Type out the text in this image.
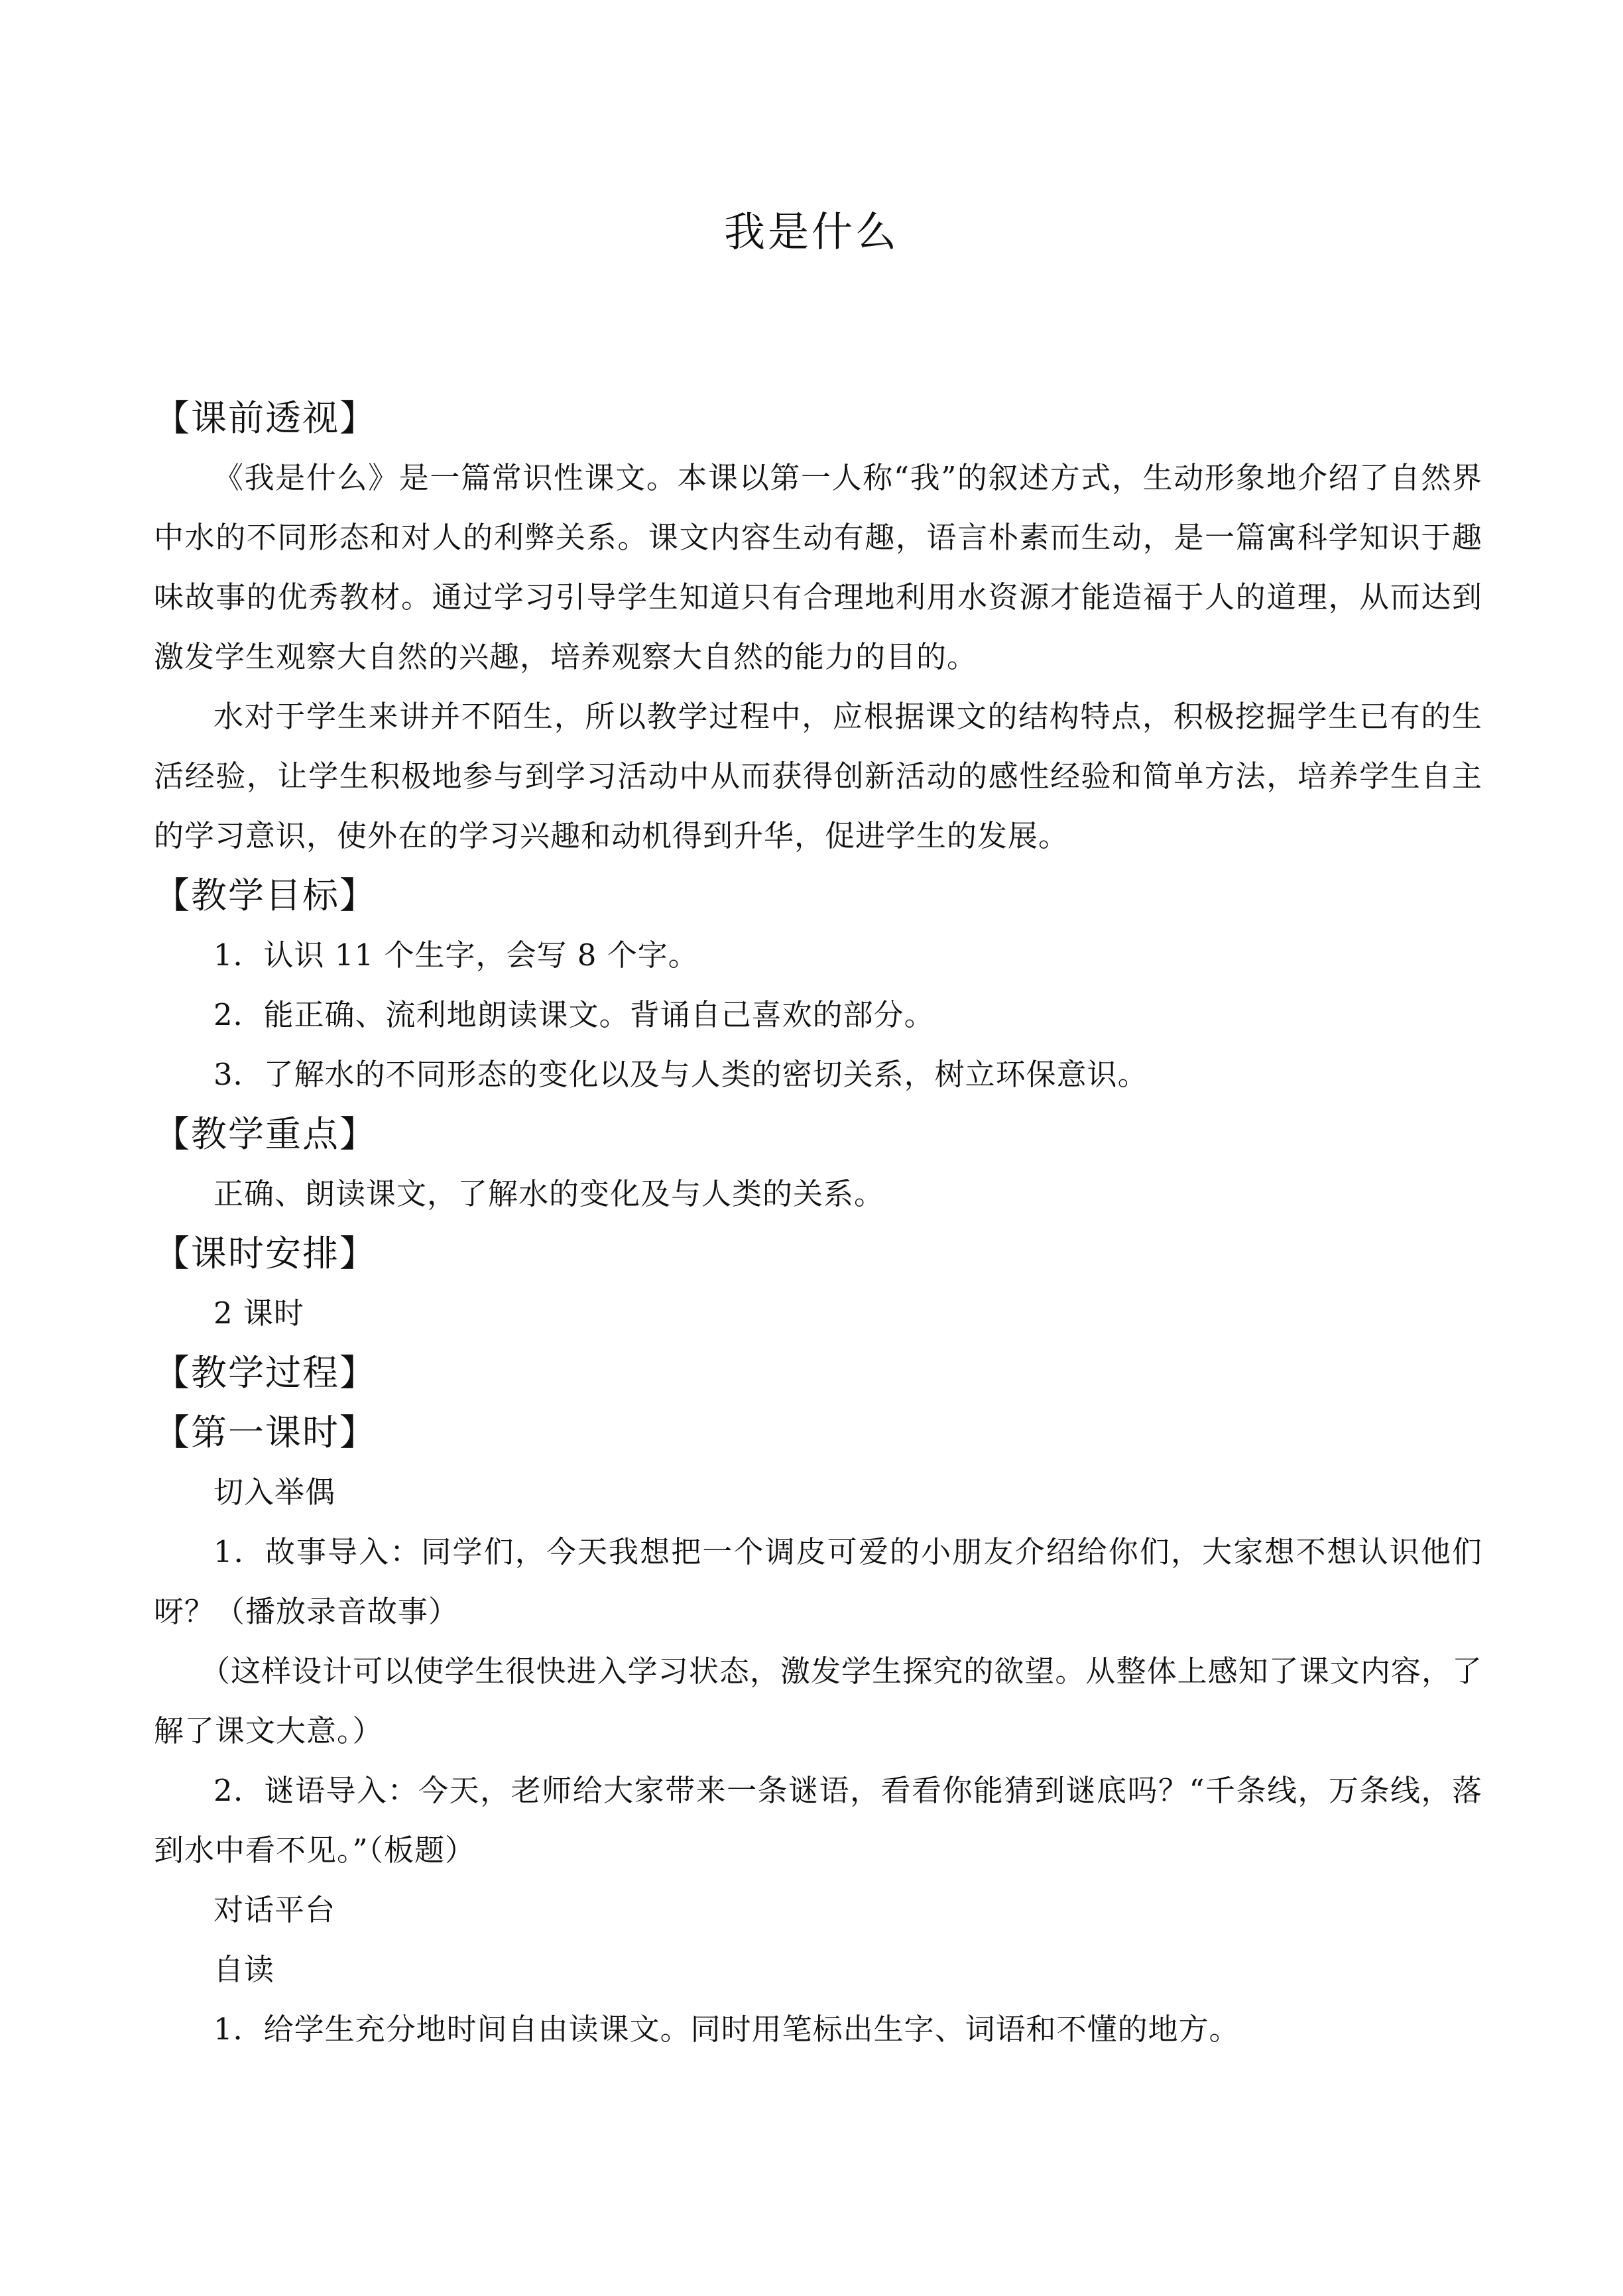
我是什么

【课前透视】

《我是什么》是一篇常识性课文。本课以第一人称“我”的叙述方式，生动形象地介绍了自然界中水的不同形态和对人的利弊关系。课文内容生动有趣，语言朴素而生动，是一篇寓科学知识于趣味故事的优秀教材。通过学习引导学生知道只有合理地利用水资源才能造福于人的道理，从而达到激发学生观察大自然的兴趣，培养观察大自然的能力的目的。

水对于学生来讲并不陌生，所以教学过程中，应根据课文的结构特点，积极挖掘学生已有的生活经验，让学生积极地参与到学习活动中从而获得创新活动的感性经验和简单方法，培养学生自主的学习意识，使外在的学习兴趣和动机得到升华，促进学生的发展。

【教学目标】

1．认识 11 个生字，会写 8 个字。

2．能正确、流利地朗读课文。背诵自己喜欢的部分。

3．了解水的不同形态的变化以及与人类的密切关系，树立环保意识。

【教学重点】

正确、朗读课文，了解水的变化及与人类的关系。

【课时安排】

2 课时

【教学过程】

【第一课时】

切入举偶

1．故事导入：同学们，今天我想把一个调皮可爱的小朋友介绍给你们，大家想不想认识他们呀？（播放录音故事）

（这样设计可以使学生很快进入学习状态，激发学生探究的欲望。从整体上感知了课文内容，了解了课文大意。）

2．谜语导入：今天，老师给大家带来一条谜语，看看你能猜到谜底吗？“千条线，万条线，落到水中看不见。”（板题）

对话平台

自读

1．给学生充分地时间自由读课文。同时用笔标出生字、词语和不懂的地方。
